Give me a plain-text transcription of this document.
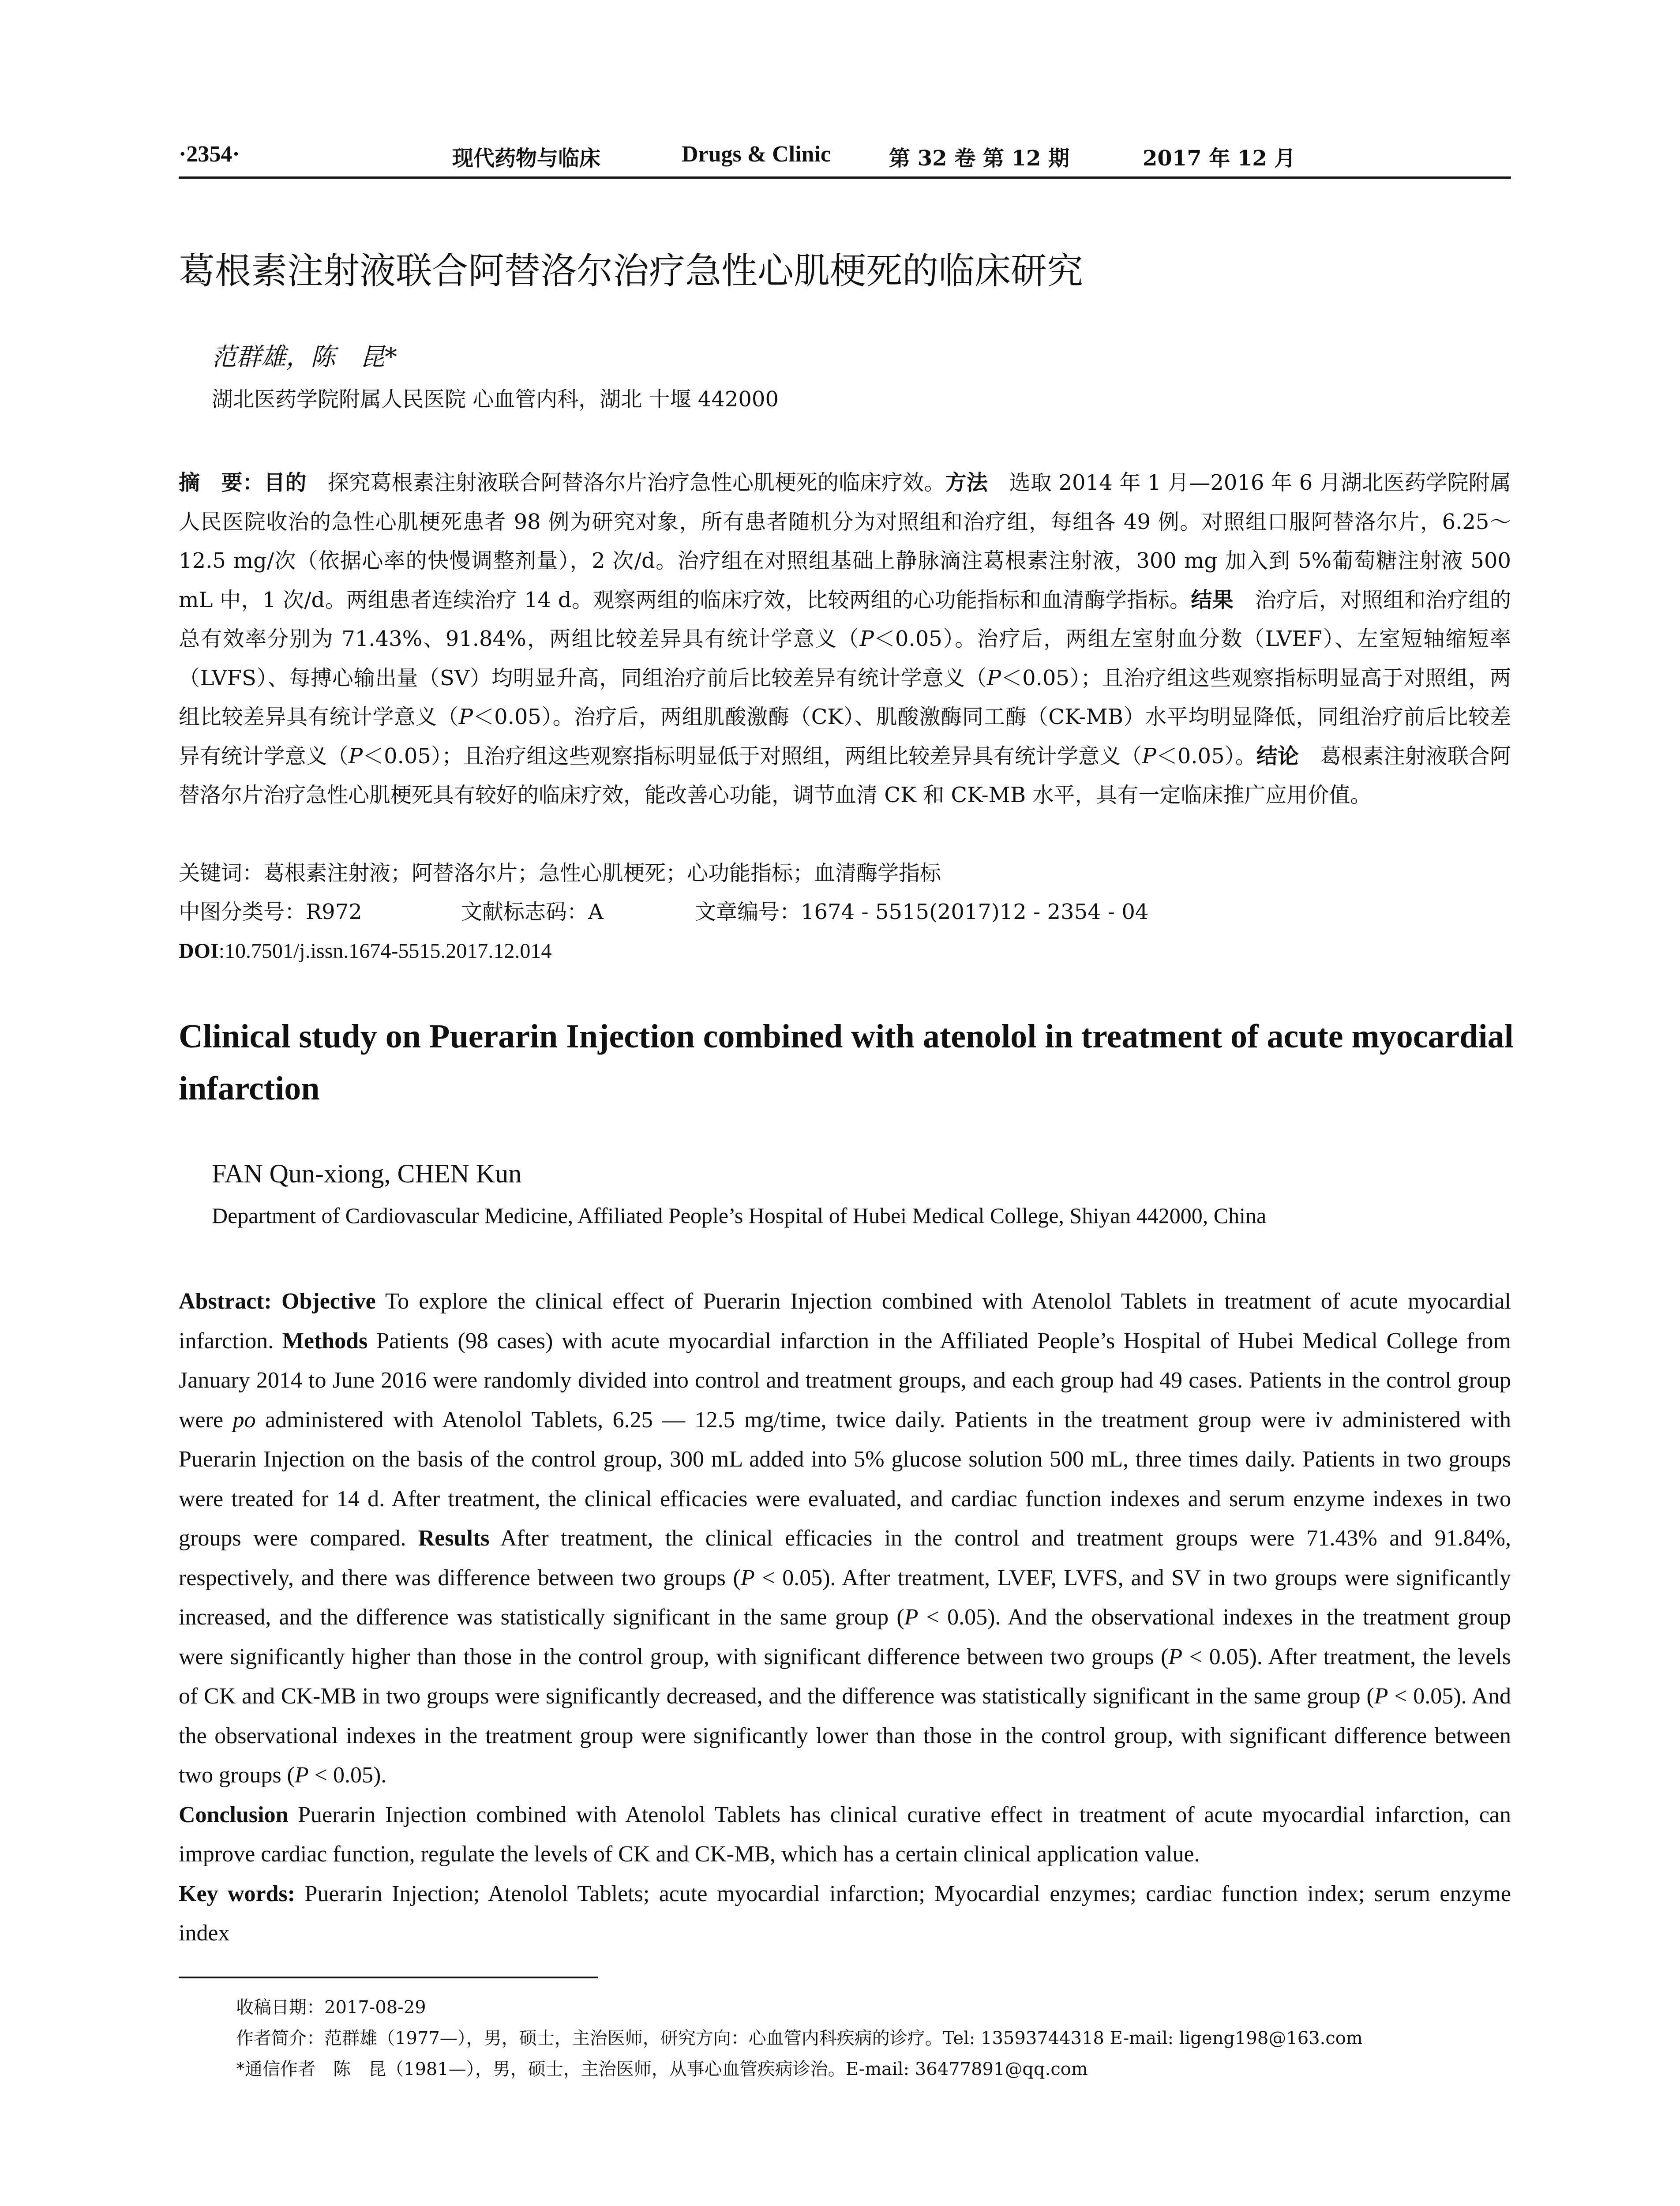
·2354·	现代药物与临床	Drugs & Clinic	第 32 卷 第 12 期	2017 年 12 月
葛根素注射液联合阿替洛尔治疗急性心肌梗死的临床研究
范群雄，陈　昆*
湖北医药学院附属人民医院 心血管内科，湖北 十堰 442000
摘　要：目的　探究葛根素注射液联合阿替洛尔片治疗急性心肌梗死的临床疗效。方法　选取 2014 年 1 月—2016 年 6 月湖北医药学院附属人民医院收治的急性心肌梗死患者 98 例为研究对象，所有患者随机分为对照组和治疗组，每组各 49 例。对照组口服阿替洛尔片，6.25～12.5 mg/次（依据心率的快慢调整剂量），2 次/d。治疗组在对照组基础上静脉滴注葛根素注射液，300 mg 加入到 5%葡萄糖注射液 500 mL 中，1 次/d。两组患者连续治疗 14 d。观察两组的临床疗效，比较两组的心功能指标和血清酶学指标。结果　治疗后，对照组和治疗组的总有效率分别为 71.43%、91.84%，两组比较差异具有统计学意义（P＜0.05）。治疗后，两组左室射血分数（LVEF）、左室短轴缩短率（LVFS）、每搏心输出量（SV）均明显升高，同组治疗前后比较差异有统计学意义（P＜0.05）；且治疗组这些观察指标明显高于对照组，两组比较差异具有统计学意义（P＜0.05）。治疗后，两组肌酸激酶（CK）、肌酸激酶同工酶（CK-MB）水平均明显降低，同组治疗前后比较差异有统计学意义（P＜0.05）；且治疗组这些观察指标明显低于对照组，两组比较差异具有统计学意义（P＜0.05）。结论　葛根素注射液联合阿替洛尔片治疗急性心肌梗死具有较好的临床疗效，能改善心功能，调节血清 CK 和 CK-MB 水平，具有一定临床推广应用价值。
关键词：葛根素注射液；阿替洛尔片；急性心肌梗死；心功能指标；血清酶学指标
中图分类号：R972	文献标志码：A	文章编号：1674 - 5515(2017)12 - 2354 - 04
DOI:10.7501/j.issn.1674-5515.2017.12.014
Clinical study on Puerarin Injection combined with atenolol in treatment of acute myocardial infarction
FAN Qun-xiong, CHEN Kun
Department of Cardiovascular Medicine, Affiliated People’s Hospital of Hubei Medical College, Shiyan 442000, China
Abstract: Objective To explore the clinical effect of Puerarin Injection combined with Atenolol Tablets in treatment of acute myocardial infarction. Methods Patients (98 cases) with acute myocardial infarction in the Affiliated People’s Hospital of Hubei Medical College from January 2014 to June 2016 were randomly divided into control and treatment groups, and each group had 49 cases. Patients in the control group were po administered with Atenolol Tablets, 6.25 — 12.5 mg/time, twice daily. Patients in the treatment group were iv administered with Puerarin Injection on the basis of the control group, 300 mL added into 5% glucose solution 500 mL, three times daily. Patients in two groups were treated for 14 d. After treatment, the clinical efficacies were evaluated, and cardiac function indexes and serum enzyme indexes in two groups were compared. Results After treatment, the clinical efficacies in the control and treatment groups were 71.43% and 91.84%, respectively, and there was difference between two groups (P < 0.05). After treatment, LVEF, LVFS, and SV in two groups were significantly increased, and the difference was statistically significant in the same group (P < 0.05). And the observational indexes in the treatment group were significantly higher than those in the control group, with significant difference between two groups (P < 0.05). After treatment, the levels of CK and CK-MB in two groups were significantly decreased, and the difference was statistically significant in the same group (P < 0.05). And the observational indexes in the treatment group were significantly lower than those in the control group, with significant difference between two groups (P < 0.05).
Conclusion Puerarin Injection combined with Atenolol Tablets has clinical curative effect in treatment of acute myocardial infarction, can improve cardiac function, regulate the levels of CK and CK-MB, which has a certain clinical application value.
Key words: Puerarin Injection; Atenolol Tablets; acute myocardial infarction; Myocardial enzymes; cardiac function index; serum enzyme index
收稿日期：2017-08-29
作者简介：范群雄（1977—），男，硕士，主治医师，研究方向：心血管内科疾病的诊疗。Tel: 13593744318 E-mail: ligeng198@163.com
*通信作者　陈　昆（1981—），男，硕士，主治医师，从事心血管疾病诊治。E-mail: 36477891@qq.com
